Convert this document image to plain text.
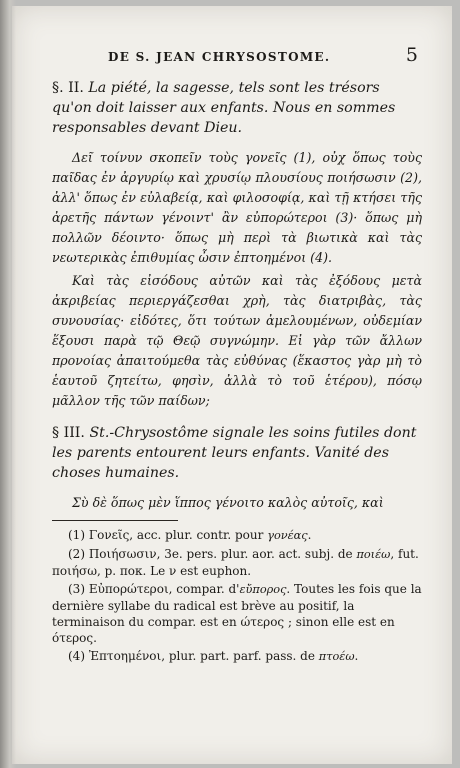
DE S. JEAN CHRYSOSTOME.	5
§. II. La piété, la sagesse, tels sont les trésors qu'on doit laisser aux enfants. Nous en sommes responsables devant Dieu.

Δεῖ τοίνυν σκοπεῖν τοὺς γονεῖς (1), οὐχ ὅπως τοὺς παῖδας ἐν ἀργυρίῳ καὶ χρυσίῳ πλουσίους ποιήσωσιν (2), ἀλλ' ὅπως ἐν εὐλαβείᾳ, καὶ φιλοσοφίᾳ, καὶ τῇ κτήσει τῆς ἀρετῆς πάντων γένοιντ' ἂν εὐπορώτεροι (3)· ὅπως μὴ πολλῶν δέοιντο· ὅπως μὴ περὶ τὰ βιωτικὰ καὶ τὰς νεωτερικὰς ἐπιθυμίας ὦσιν ἐπτοημένοι (4).

Καὶ τὰς εἰσόδους αὐτῶν καὶ τὰς ἐξόδους μετὰ ἀκριβείας περιεργάζεσθαι χρὴ, τὰς διατριβὰς, τὰς συνουσίας· εἰδότες, ὅτι τούτων ἀμελουμένων, οὐδεμίαν ἕξουσι παρὰ τῷ Θεῷ συγνώμην. Εἰ γὰρ τῶν ἄλλων προνοίας ἀπαιτούμεθα τὰς εὐθύνας (ἕκαστος γὰρ μὴ τὸ ἑαυτοῦ ζητείτω, φησὶν, ἀλλὰ τὸ τοῦ ἑτέρου), πόσῳ μᾶλλον τῆς τῶν παίδων;

§ III. St.-Chrysostôme signale les soins futiles dont les parents entourent leurs enfants. Vanité des choses humaines.

Σὺ δὲ ὅπως μὲν ἵππος γένοιτο καλὸς αὐτοῖς, καὶ

(1) Γονεῖς, acc. plur. contr. pour γονέας.

(2) Ποιήσωσιν, 3e. pers. plur. aor. act. subj. de ποιέω, fut. ποιήσω, p. ποκ. Le ν est euphon.

(3) Εὐπορώτεροι, compar. d'εὔπορος. Toutes les fois que la dernière syllabe du radical est brève au positif, la terminaison du compar. est en ώτερος ; sinon elle est en ότερος.

(4) Ἐπτοημένοι, plur. part. parf. pass. de πτοέω.
